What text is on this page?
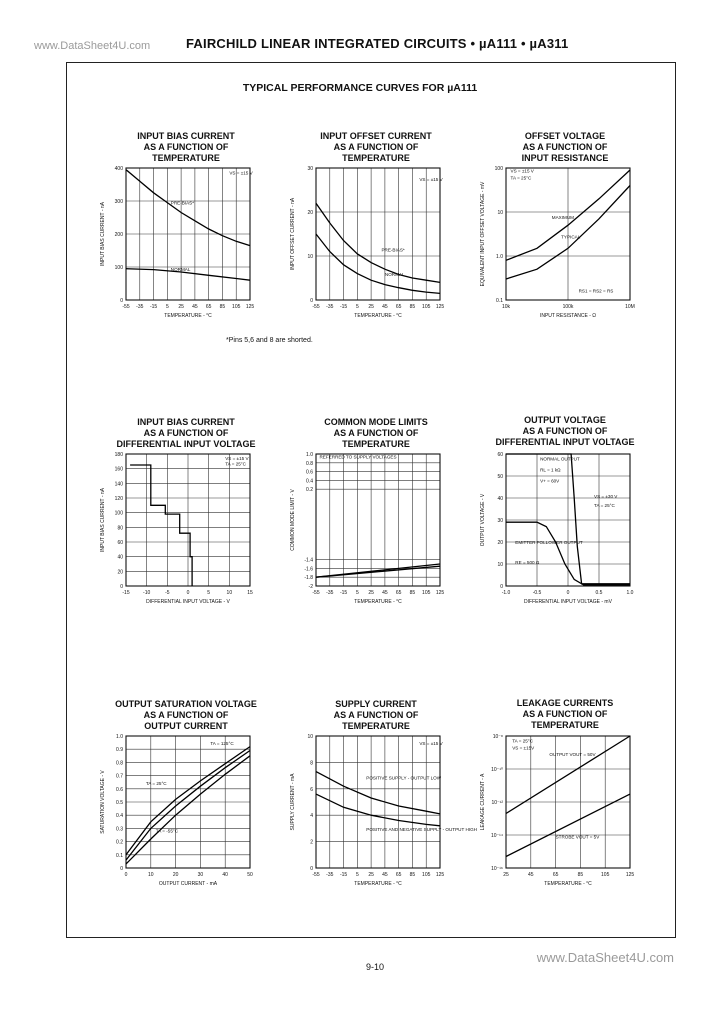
www.DataSheet4U.com	FAIRCHILD LINEAR INTEGRATED CIRCUITS • µA111 • µA311
TYPICAL PERFORMANCE CURVES FOR µA111
INPUT BIAS CURRENT
AS A FUNCTION OF
TEMPERATURE
INPUT OFFSET CURRENT
AS A FUNCTION OF
TEMPERATURE
OFFSET VOLTAGE
AS A FUNCTION OF
INPUT RESISTANCE
INPUT BIAS CURRENT
AS A FUNCTION OF
DIFFERENTIAL INPUT VOLTAGE
COMMON MODE LIMITS
AS A FUNCTION OF
TEMPERATURE
OUTPUT VOLTAGE
AS A FUNCTION OF
DIFFERENTIAL INPUT VOLTAGE
OUTPUT SATURATION VOLTAGE
AS A FUNCTION OF
OUTPUT CURRENT
SUPPLY CURRENT
AS A FUNCTION OF
TEMPERATURE
LEAKAGE CURRENTS
AS A FUNCTION OF
TEMPERATURE
-55 -35 -15 5 25 45 65 85 105 125
0
100
200
300
400
TEMPERATURE - °C
INPUT BIAS CURRENT - nA	PRE-BIAS*
NORMAL
VS = ±15 V
-55 -35 -15 5 25 45 65 85 105 125
0
10
20
30
TEMPERATURE - °C
INPUT OFFSET CURRENT - nA	PRE-BIAS*
NORMAL
VS = ±15 V
10k	100k	10M
0.1
1.0
10
100
INPUT RESISTANCE - Ω
EQUIVALENT INPUT OFFSET VOLTAGE - mV	MAXIMUM
TYPICAL
VS = ±15 V
TA = 25°C
RS1 = RS2 = RS
-15	-10	-5	0	5	10	15
0
20
40
60
80
100
120
140
160
180
DIFFERENTIAL INPUT VOLTAGE - V
INPUT BIAS CURRENT - nA
VS = ±15 V
TA = 25°C
-55 -35 -15 5 25 45 65 85 105 125
-2
-1.8
-1.6
-1.4
0.2
0.4
0.6
0.8
1.0
TEMPERATURE - °C
COMMON MODE LIMIT - V
REFERRED TO SUPPLY VOLTAGES
-1.0	-0.5	0	0.5	1.0
0
10
20
30
40
50
60
DIFFERENTIAL INPUT VOLTAGE - mV
OUTPUT VOLTAGE - V
NORMAL OUTPUT
RL = 1 kΩ
V+ = 60V
VS = ±30 V
TA = 25°C
EMITTER FOLLOWER OUTPUT
RE = 500 Ω
0	10	20	30	40	50
0
0.1
0.2
0.3
0.4
0.5
0.6
0.7
0.8
0.9
1.0
OUTPUT CURRENT - mA
SATURATION VOLTAGE - V
TA = 125°C
TA = 25°C
TA = -55°C
-55 -35 -15 5 25 45 65 85 105 125
0
2
4
6
8
10
TEMPERATURE - °C
SUPPLY CURRENT - mA	POSITIVE SUPPLY - OUTPUT LOW
POSITIVE AND NEGATIVE SUPPLY - OUTPUT HIGH
VS = ±15 V
25	45	65	85	105	125
10⁻¹⁶
10⁻¹⁴
10⁻¹²
10⁻¹⁰
10⁻⁸
TEMPERATURE - °C
LEAKAGE CURRENT - A
OUTPUT VOUT = 50V
STROBE VOUT = 5V
TA = 25°C
VS = ±15V
*Pins 5,6 and 8 are shorted.
9-10
www.DataSheet4U.com
